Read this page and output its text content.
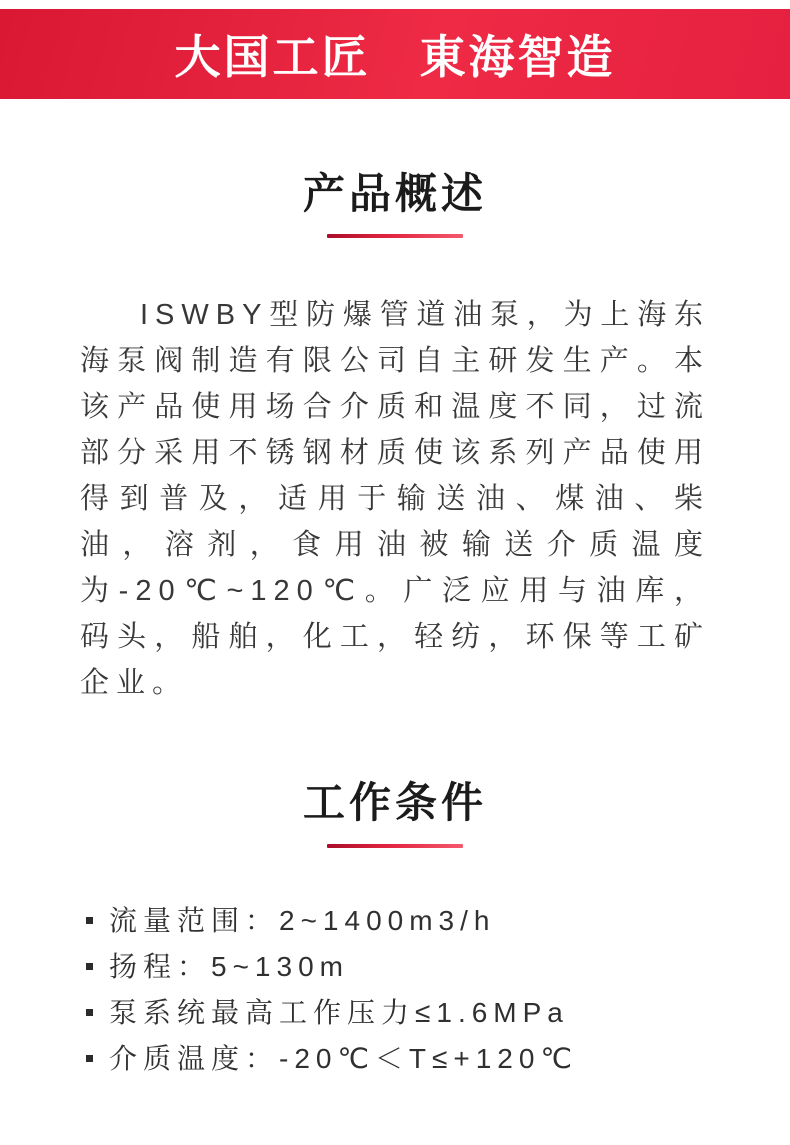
大国工匠　東海智造
产品概述

ISWBY型防爆管道油泵，为上海东海泵阀制造有限公司自主研发生产。本该产品使用场合介质和温度不同，过流部分采用不锈钢材质使该系列产品使用得到普及，适用于输送油、煤油、柴油，溶剂，食用油被输送介质温度为-20℃~120℃。广泛应用与油库，码头，船舶，化工，轻纺，环保等工矿企业。

工作条件
流量范围：2~1400m3/h
扬程：5~130m
泵系统最高工作压力≤1.6MPa
介质温度：-20℃＜T≤+120℃
